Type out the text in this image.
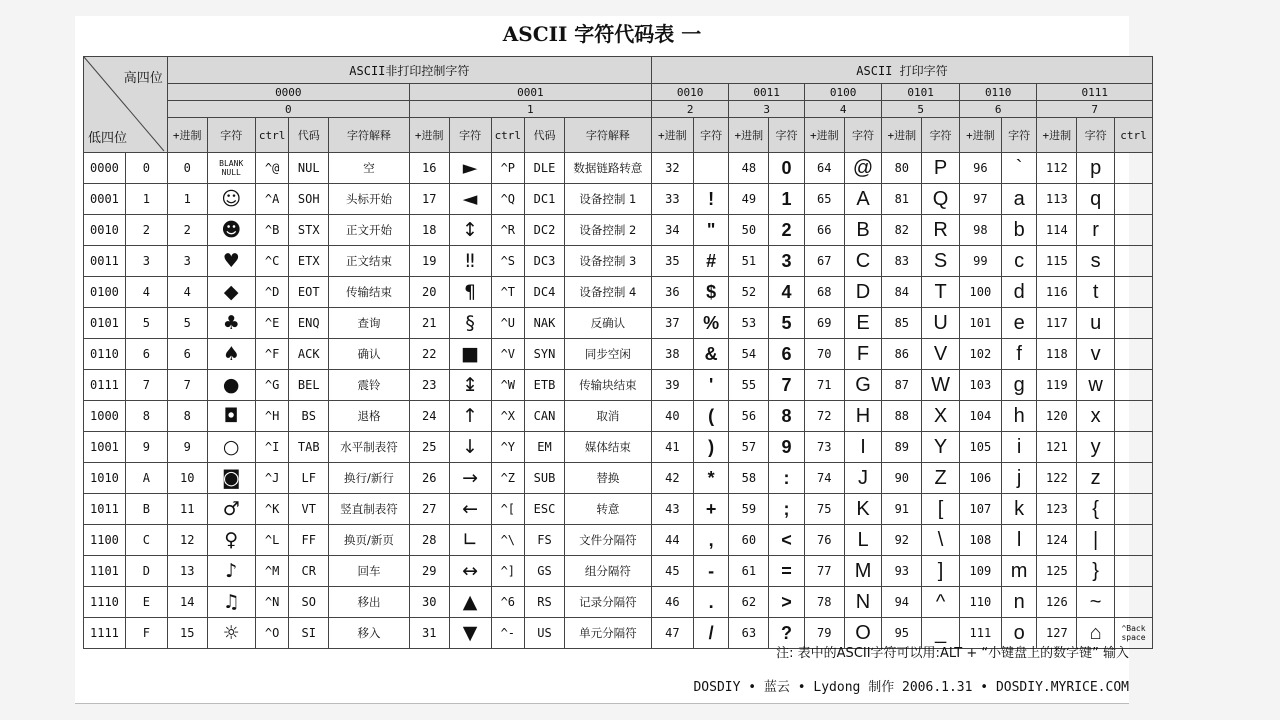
ASCII 字符代码表 一
高四位
低四位		ASCII非打印控制字符										ASCII 打印字符												
		0000					0001					0010		0011		0100		0101		0110		0111		
		0					1					2		3		4		5		6		7		
		+进制	字符	ctrl	代码	字符解释	+进制	字符	ctrl	代码	字符解释	+进制	字符	+进制	字符	+进制	字符	+进制	字符	+进制	字符	+进制	字符	ctrl
0000	0	0	BLANK NULL	^@	NUL	空	16	►	^P	DLE	数据链路转意	32		48	0	64	@	80	P	96	`	112	p	
0001	1	1	☺	^A	SOH	头标开始	17	◄	^Q	DC1	设备控制 1	33	!	49	1	65	A	81	Q	97	a	113	q	
0010	2	2	☻	^B	STX	正文开始	18	↕	^R	DC2	设备控制 2	34	"	50	2	66	B	82	R	98	b	114	r	
0011	3	3	♥	^C	ETX	正文结束	19	‼	^S	DC3	设备控制 3	35	#	51	3	67	C	83	S	99	c	115	s	
0100	4	4	◆	^D	EOT	传输结束	20	¶	^T	DC4	设备控制 4	36	$	52	4	68	D	84	T	100	d	116	t	
0101	5	5	♣	^E	ENQ	查询	21	§	^U	NAK	反确认	37	%	53	5	69	E	85	U	101	e	117	u	
0110	6	6	♠	^F	ACK	确认	22	■	^V	SYN	同步空闲	38	&	54	6	70	F	86	V	102	f	118	v	
0111	7	7	●	^G	BEL	震铃	23	↨	^W	ETB	传输块结束	39	'	55	7	71	G	87	W	103	g	119	w	
1000	8	8	◘	^H	BS	退格	24	↑	^X	CAN	取消	40	(	56	8	72	H	88	X	104	h	120	x	
1001	9	9	○	^I	TAB	水平制表符	25	↓	^Y	EM	媒体结束	41	)	57	9	73	I	89	Y	105	i	121	y	
1010	A	10	◙	^J	LF	换行/新行	26	→	^Z	SUB	替换	42	*	58	:	74	J	90	Z	106	j	122	z	
1011	B	11	♂	^K	VT	竖直制表符	27	←	^[	ESC	转意	43	+	59	;	75	K	91	[	107	k	123	{	
1100	C	12	♀	^L	FF	换页/新页	28	∟	^\	FS	文件分隔符	44	,	60	<	76	L	92	\	108	l	124	|	
1101	D	13	♪	^M	CR	回车	29	↔	^]	GS	组分隔符	45	-	61	=	77	M	93	]	109	m	125	}	
1110	E	14	♫	^N	SO	移出	30	▲	^6	RS	记录分隔符	46	.	62	>	78	N	94	^	110	n	126	~	
1111	F	15	☼	^O	SI	移入	31	▼	^-	US	单元分隔符	47	/	63	?	79	O	95	_	111	o	127	⌂	^Back space
注: 表中的ASCII字符可以用:ALT + “小键盘上的数字键” 输入
DOSDIY • 蓝云 • Lydong 制作 2006.1.31 • DOSDIY.MYRICE.COM
